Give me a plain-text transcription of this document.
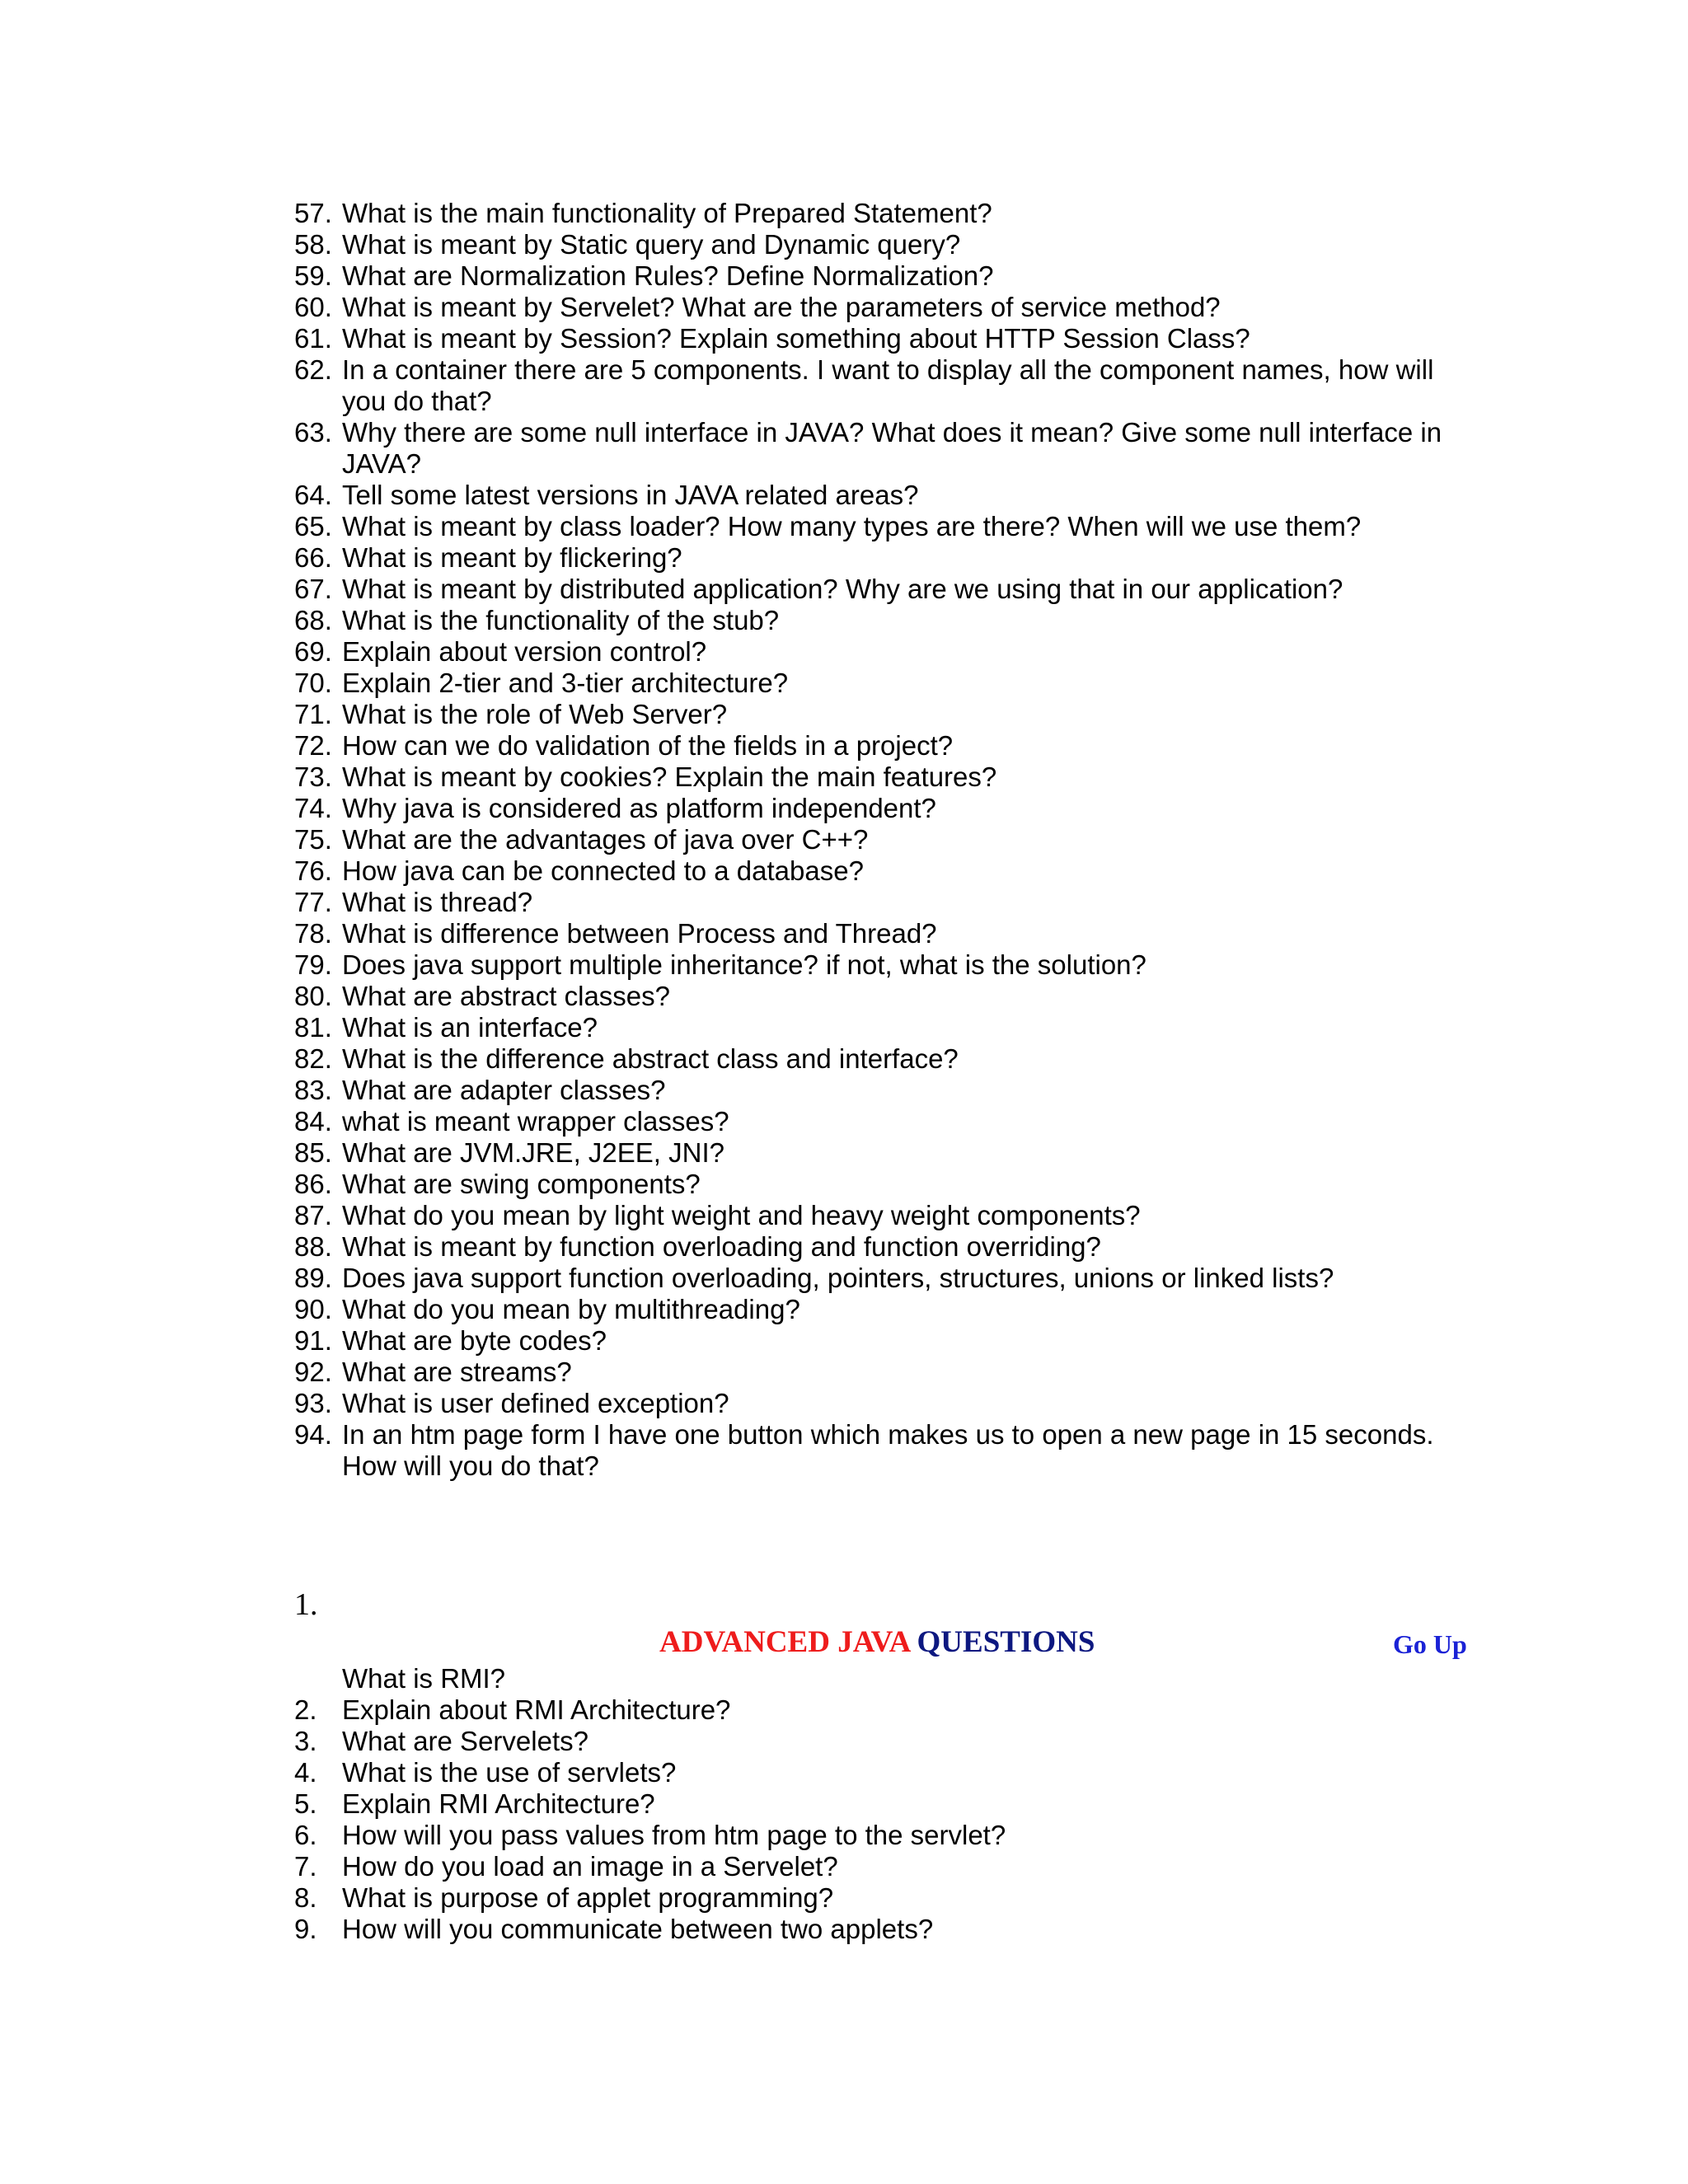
57. What is the main functionality of Prepared Statement?
58. What is meant by Static query and Dynamic query?
59. What are Normalization Rules? Define Normalization?
60. What is meant by Servelet? What are the parameters of service method?
61. What is meant by Session? Explain something about HTTP Session Class?
62. In a container there are 5 components. I want to display all the component names, how will you do that?
63. Why there are some null interface in JAVA? What does it mean? Give some null interface in JAVA?
64. Tell some latest versions in JAVA related areas?
65. What is meant by class loader? How many types are there? When will we use them?
66. What is meant by flickering?
67. What is meant by distributed application? Why are we using that in our application?
68. What is the functionality of the stub?
69. Explain about version control?
70. Explain 2-tier and 3-tier architecture?
71. What is the role of Web Server?
72. How can we do validation of the fields in a project?
73. What is meant by cookies? Explain the main features?
74. Why java is considered as platform independent?
75. What are the advantages of java over C++?
76. How java can be connected to a database?
77. What is thread?
78. What is difference between Process and Thread?
79. Does java support multiple inheritance? if not, what is the solution?
80. What are abstract classes?
81. What is an interface?
82. What is the difference abstract class and interface?
83. What are adapter classes?
84. what is meant wrapper classes?
85. What are JVM.JRE, J2EE, JNI?
86. What are swing components?
87. What do you mean by light weight and heavy weight components?
88. What is meant by function overloading and function overriding?
89. Does java support function overloading, pointers, structures, unions or linked lists?
90. What do you mean by multithreading?
91. What are byte codes?
92. What are streams?
93. What is user defined exception?
94. In an htm page form I have one button which makes us to open a new page in 15 seconds. How will you do that?
1.
ADVANCED JAVA QUESTIONS	Go Up
What is RMI?
2. Explain about RMI Architecture?
3. What are Servelets?
4. What is the use of servlets?
5. Explain RMI Architecture?
6. How will you pass values from htm page to the servlet?
7. How do you load an image in a Servelet?
8. What is purpose of applet programming?
9. How will you communicate between two applets?
